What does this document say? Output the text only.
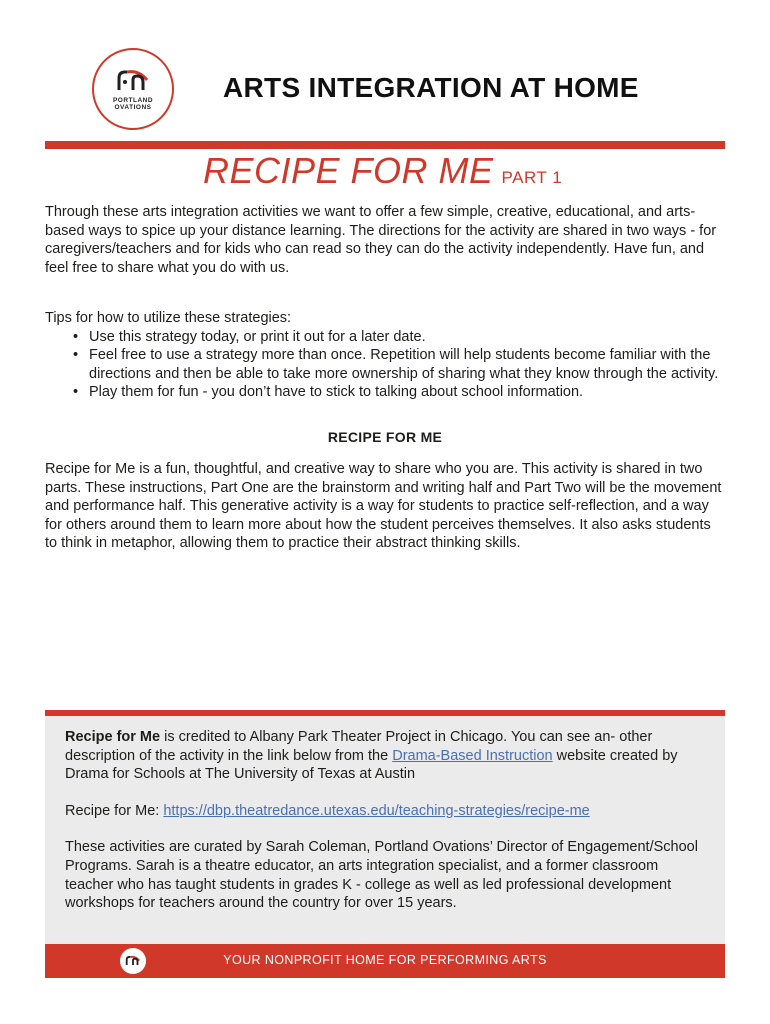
PORTLAND
OVATIONS
ARTS INTEGRATION AT HOME
RECIPE FOR ME PART 1
Through these arts integration activities we want to offer a few simple, creative, educational, and arts-based ways to spice up your distance learning. The directions for the activity are shared in two ways - for caregivers/teachers and for kids who can read so they can do the activity independently. Have fun, and feel free to share what you do with us.
Tips for how to utilize these strategies:
• Use this strategy today, or print it out for a later date.
• Feel free to use a strategy more than once. Repetition will help students become familiar with the directions and then be able to take more ownership of sharing what they know through the activity.
• Play them for fun - you don’t have to stick to talking about school information.
RECIPE FOR ME
Recipe for Me is a fun, thoughtful, and creative way to share who you are. This activity is shared in two parts. These instructions, Part One are the brainstorm and writing half and Part Two will be the movement and performance half. This generative activity is a way for students to practice self-reflection, and a way for others around them to learn more about how the student perceives themselves. It also asks students to think in metaphor, allowing them to practice their abstract thinking skills.

Recipe for Me is credited to Albany Park Theater Project in Chicago. You can see an- other description of the activity in the link below from the Drama-Based Instruction website created by Drama for Schools at The University of Texas at Austin

Recipe for Me: https://dbp.theatredance.utexas.edu/teaching-strategies/recipe-me

These activities are curated by Sarah Coleman, Portland Ovations’ Director of Engagement/School Programs. Sarah is a theatre educator, an arts integration specialist, and a former classroom teacher who has taught students in grades K - college as well as led professional development workshops for teachers around the country for over 15 years.

YOUR NONPROFIT HOME FOR PERFORMING ARTS
